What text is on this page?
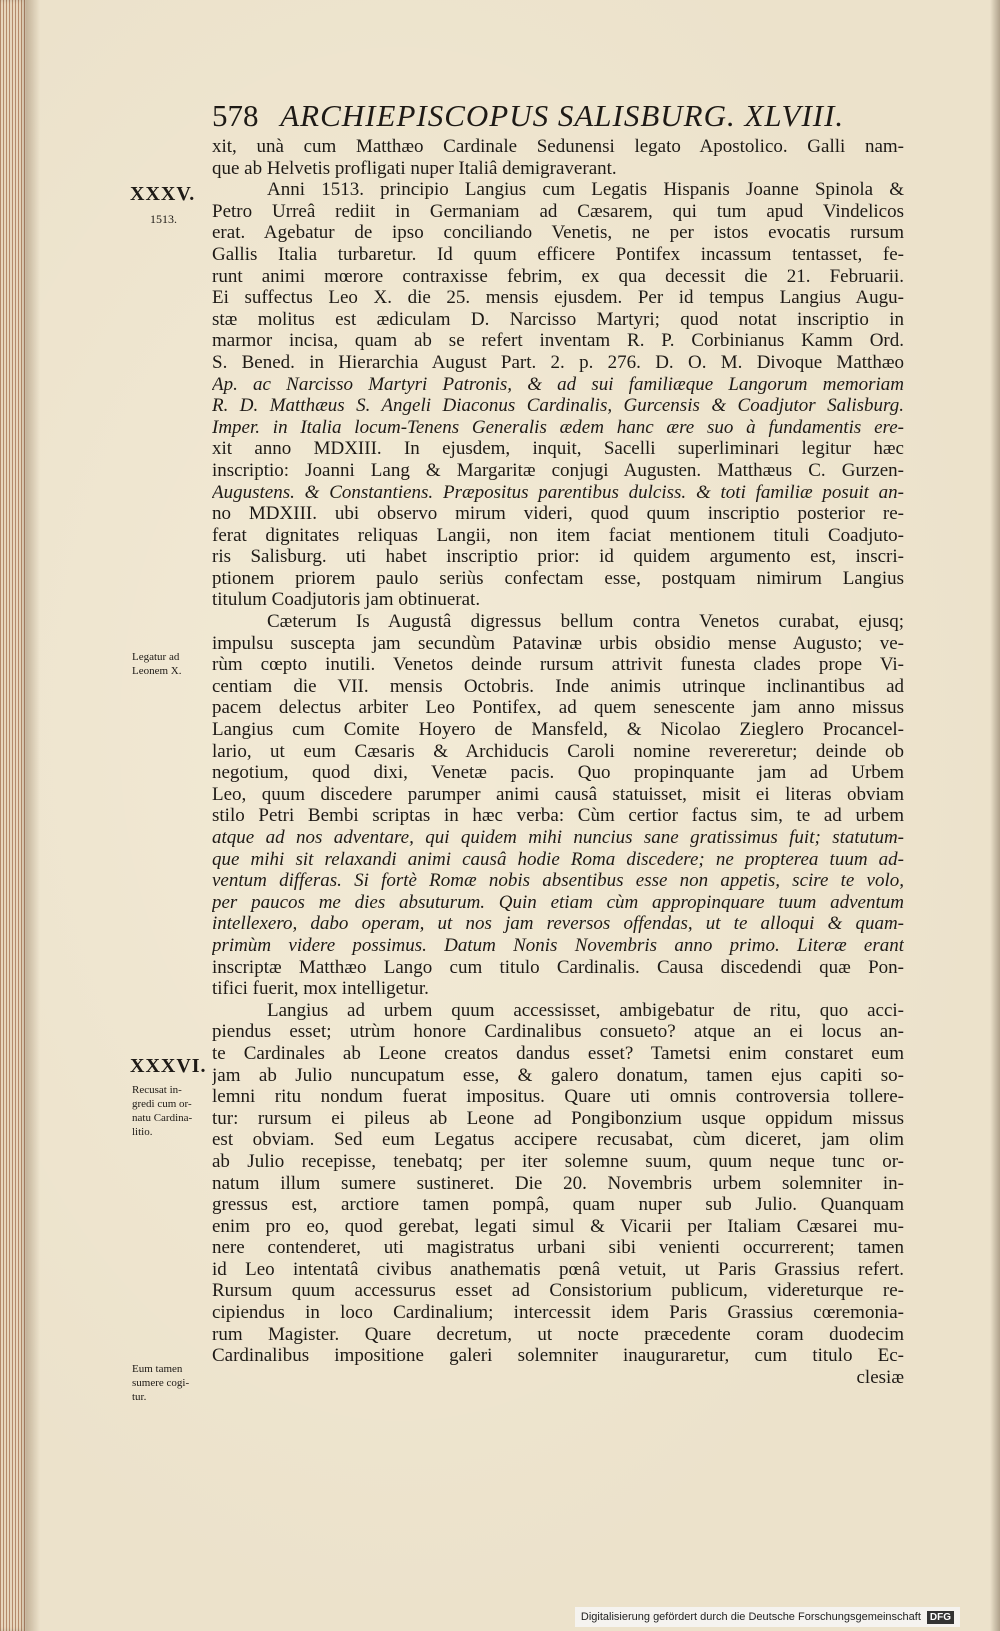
578 ARCHIEPISCOPUS SALISBURG. XLVIII.
XXXV.
1513.
Legatur ad
Leonem X.
XXXVI.
Recusat in-
gredi cum or-
natu Cardina-
litio.
Eum tamen
sumere cogi-
tur.
xit, unà cum Matthæo Cardinale Sedunensi legato Apostolico. Galli nam-
que ab Helvetis profligati nuper Italiâ demigraverant.
Anni 1513. principio Langius cum Legatis Hispanis Joanne Spinola &
Petro Urreâ rediit in Germaniam ad Cæsarem, qui tum apud Vindelicos
erat. Agebatur de ipso conciliando Venetis, ne per istos evocatis rursum
Gallis Italia turbaretur. Id quum efficere Pontifex incassum tentasset, fe-
runt animi mœrore contraxisse febrim, ex qua decessit die 21. Februarii.
Ei suffectus Leo X. die 25. mensis ejusdem. Per id tempus Langius Augu-
stæ molitus est ædiculam D. Narcisso Martyri; quod notat inscriptio in
marmor incisa, quam ab se refert inventam R. P. Corbinianus Kamm Ord.
S. Bened. in Hierarchia August Part. 2. p. 276. D. O. M. Divoque Matthæo
Ap. ac Narcisso Martyri Patronis, & ad sui familiæque Langorum memoriam
R. D. Matthæus S. Angeli Diaconus Cardinalis, Gurcensis & Coadjutor Salisburg.
Imper. in Italia locum-Tenens Generalis ædem hanc ære suo à fundamentis ere-
xit anno MDXIII. In ejusdem, inquit, Sacelli superliminari legitur hæc
inscriptio: Joanni Lang & Margaritæ conjugi Augusten. Matthæus C. Gurzen-
Augustens. & Constantiens. Præpositus parentibus dulciss. & toti familiæ posuit an-
no MDXIII. ubi observo mirum videri, quod quum inscriptio posterior re-
ferat dignitates reliquas Langii, non item faciat mentionem tituli Coadjuto-
ris Salisburg. uti habet inscriptio prior: id quidem argumento est, inscri-
ptionem priorem paulo seriùs confectam esse, postquam nimirum Langius
titulum Coadjutoris jam obtinuerat.
Cæterum Is Augustâ digressus bellum contra Venetos curabat, ejusq;
impulsu suscepta jam secundùm Patavinæ urbis obsidio mense Augusto; ve-
rùm cœpto inutili. Venetos deinde rursum attrivit funesta clades prope Vi-
centiam die VII. mensis Octobris. Inde animis utrinque inclinantibus ad
pacem delectus arbiter Leo Pontifex, ad quem senescente jam anno missus
Langius cum Comite Hoyero de Mansfeld, & Nicolao Zieglero Procancel-
lario, ut eum Cæsaris & Archiducis Caroli nomine revereretur; deinde ob
negotium, quod dixi, Venetæ pacis. Quo propinquante jam ad Urbem
Leo, quum discedere parumper animi causâ statuisset, misit ei literas obviam
stilo Petri Bembi scriptas in hæc verba: Cùm certior factus sim, te ad urbem
atque ad nos adventare, qui quidem mihi nuncius sane gratissimus fuit; statutum-
que mihi sit relaxandi animi causâ hodie Roma discedere; ne propterea tuum ad-
ventum differas. Si fortè Romæ nobis absentibus esse non appetis, scire te volo,
per paucos me dies absuturum. Quin etiam cùm appropinquare tuum adventum
intellexero, dabo operam, ut nos jam reversos offendas, ut te alloqui & quam-
primùm videre possimus. Datum Nonis Novembris anno primo. Literæ erant
inscriptæ Matthæo Lango cum titulo Cardinalis. Causa discedendi quæ Pon-
tifici fuerit, mox intelligetur.
Langius ad urbem quum accessisset, ambigebatur de ritu, quo acci-
piendus esset; utrùm honore Cardinalibus consueto? atque an ei locus an-
te Cardinales ab Leone creatos dandus esset? Tametsi enim constaret eum
jam ab Julio nuncupatum esse, & galero donatum, tamen ejus capiti so-
lemni ritu nondum fuerat impositus. Quare uti omnis controversia tollere-
tur: rursum ei pileus ab Leone ad Pongibonzium usque oppidum missus
est obviam. Sed eum Legatus accipere recusabat, cùm diceret, jam olim
ab Julio recepisse, tenebatq; per iter solemne suum, quum neque tunc or-
natum illum sumere sustineret. Die 20. Novembris urbem solemniter in-
gressus est, arctiore tamen pompâ, quam nuper sub Julio. Quanquam
enim pro eo, quod gerebat, legati simul & Vicarii per Italiam Cæsarei mu-
nere contenderet, uti magistratus urbani sibi venienti occurrerent; tamen
id Leo intentatâ civibus anathematis pœnâ vetuit, ut Paris Grassius refert.
Rursum quum accessurus esset ad Consistorium publicum, videreturque re-
cipiendus in loco Cardinalium; intercessit idem Paris Grassius cœremonia-
rum Magister. Quare decretum, ut nocte præcedente coram duodecim
Cardinalibus impositione galeri solemniter inauguraretur, cum titulo Ec-
clesiæ
Digitalisierung gefördert durch die Deutsche Forschungsgemeinschaft DFG
